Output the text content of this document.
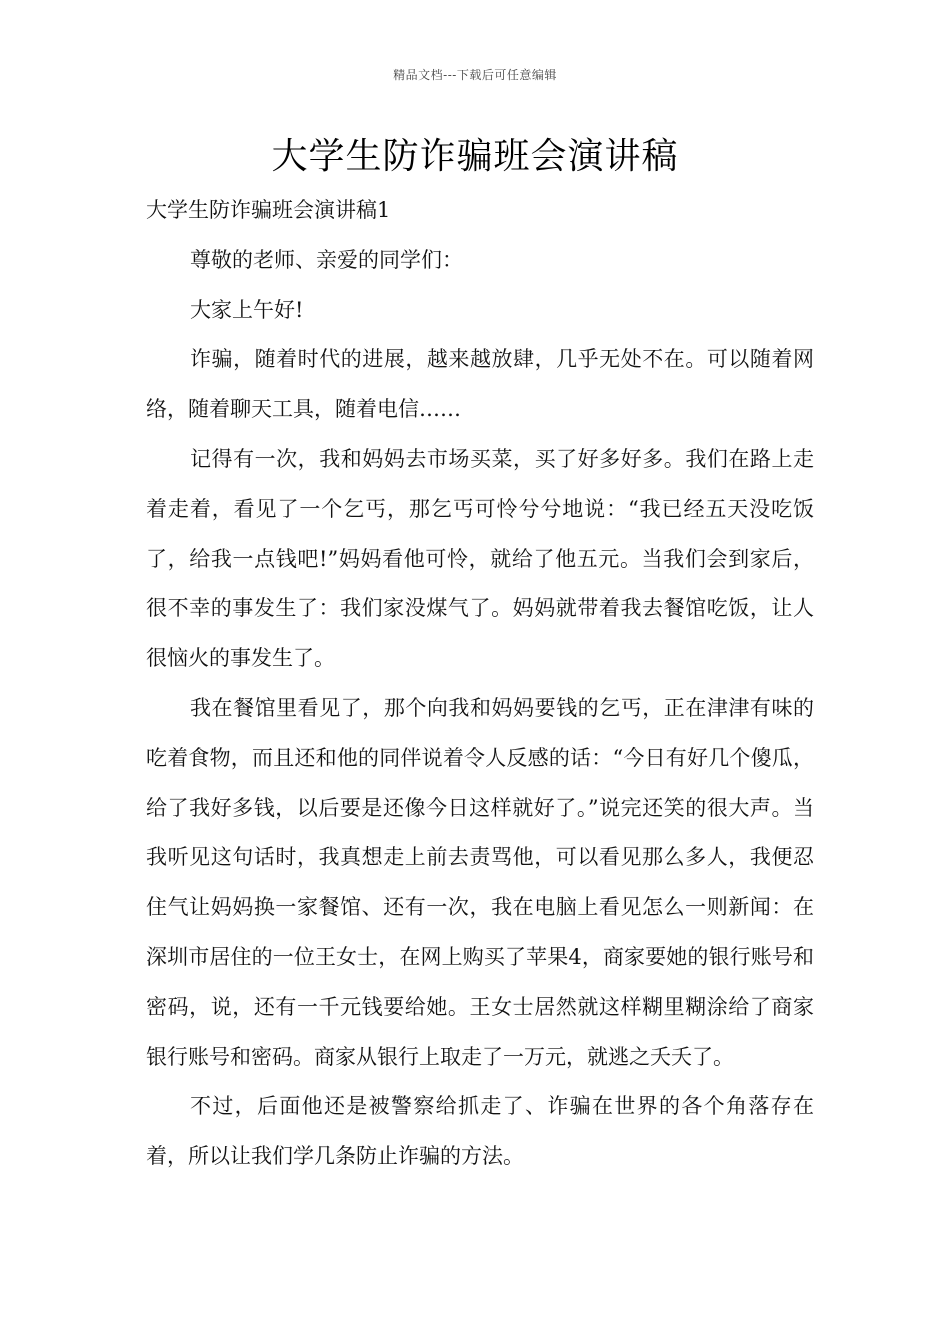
精品文档---下载后可任意编辑
大学生防诈骗班会演讲稿

大学生防诈骗班会演讲稿1

尊敬的老师、亲爱的同学们：

大家上午好!

诈骗，随着时代的进展，越来越放肆，几乎无处不在。可以随着网络，随着聊天工具，随着电信……

记得有一次，我和妈妈去市场买菜，买了好多好多。我们在路上走着走着，看见了一个乞丐，那乞丐可怜兮兮地说：“我已经五天没吃饭了，给我一点钱吧!”妈妈看他可怜，就给了他五元。当我们会到家后，很不幸的事发生了：我们家没煤气了。妈妈就带着我去餐馆吃饭，让人很恼火的事发生了。

我在餐馆里看见了，那个向我和妈妈要钱的乞丐，正在津津有味的吃着食物，而且还和他的同伴说着令人反感的话：“今日有好几个傻瓜，给了我好多钱，以后要是还像今日这样就好了。”说完还笑的很大声。当我听见这句话时，我真想走上前去责骂他，可以看见那么多人，我便忍住气让妈妈换一家餐馆、还有一次，我在电脑上看见怎么一则新闻：在深圳市居住的一位王女士，在网上购买了苹果4，商家要她的银行账号和密码，说，还有一千元钱要给她。王女士居然就这样糊里糊涂给了商家银行账号和密码。商家从银行上取走了一万元，就逃之夭夭了。

不过，后面他还是被警察给抓走了、诈骗在世界的各个角落存在着，所以让我们学几条防止诈骗的方法。
